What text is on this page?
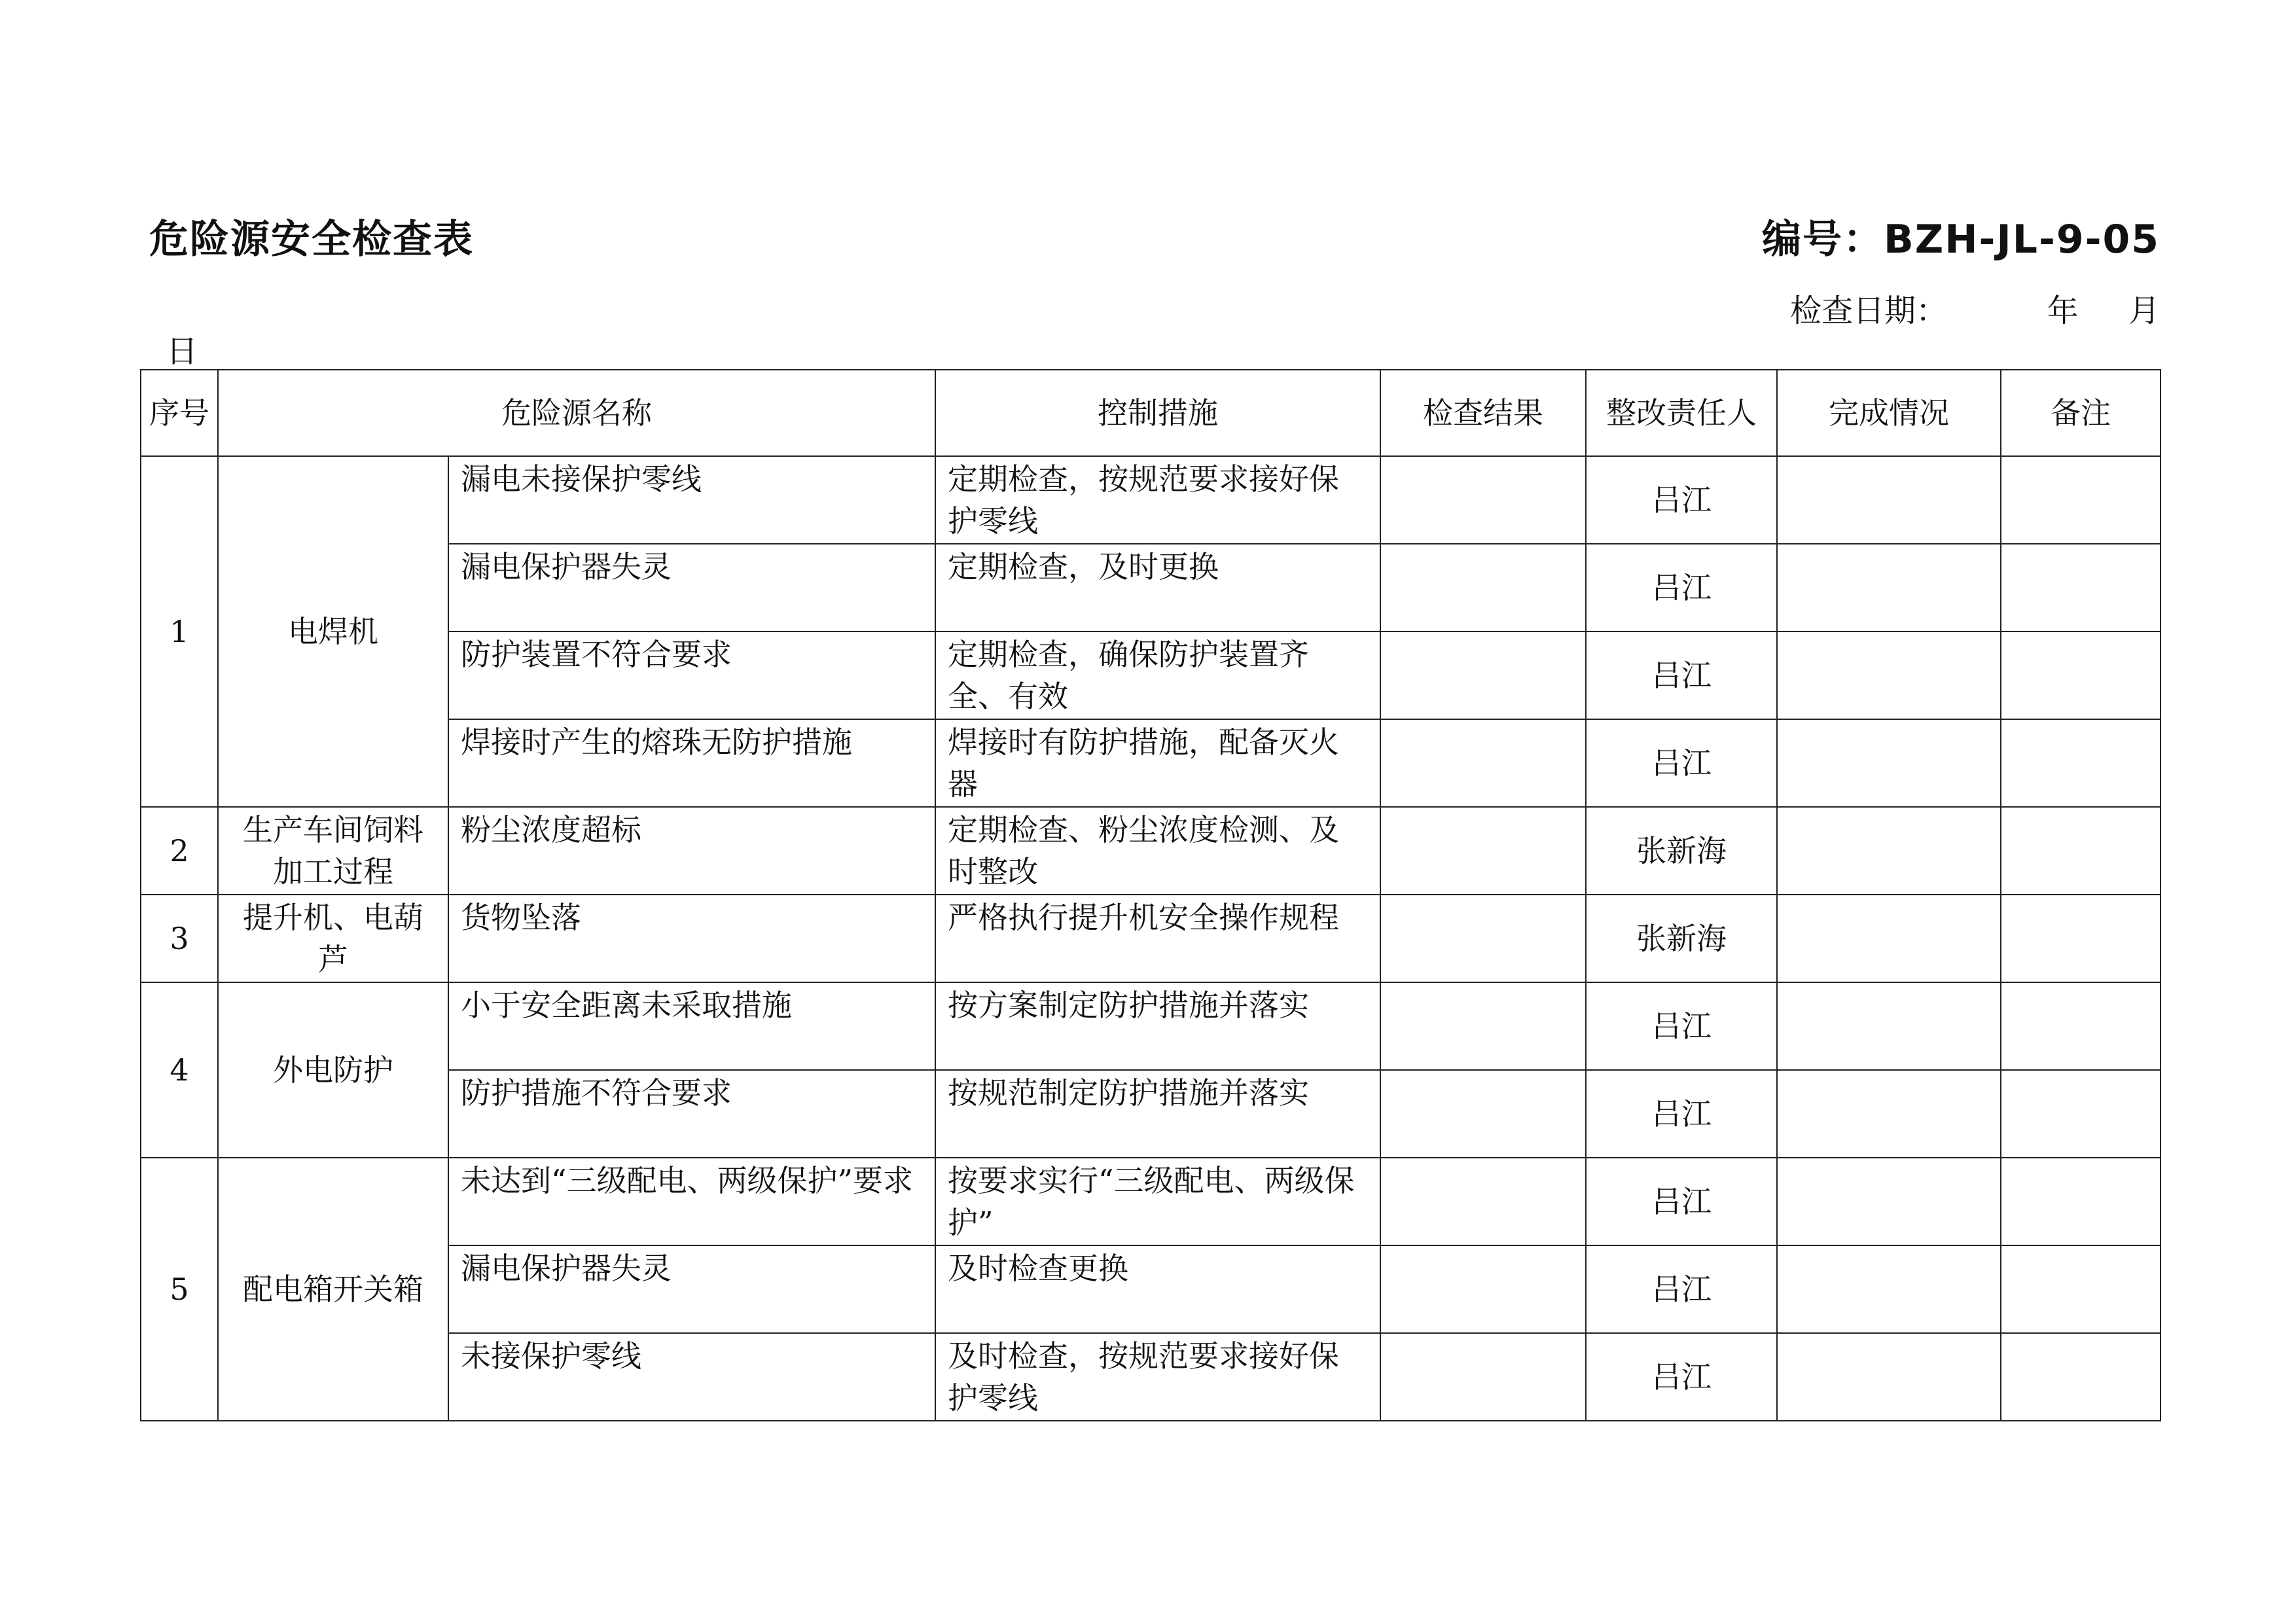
危险源安全检查表	编号：BZH-JL-9-05
检查日期：	年 月
日
序号	危险源名称		控制措施	检查结果	整改责任人	完成情况	备注
1	电焊机	漏电未接保护零线	定期检查，按规范要求接好保护零线		吕江		
		漏电保护器失灵	定期检查，及时更换		吕江		
		防护装置不符合要求	定期检查，确保防护装置齐全、有效		吕江		
		焊接时产生的熔珠无防护措施	焊接时有防护措施，配备灭火器		吕江		
2	生产车间饲料加工过程	粉尘浓度超标	定期检查、粉尘浓度检测、及时整改		张新海		
3	提升机、电葫芦	货物坠落	严格执行提升机安全操作规程		张新海		
4	外电防护	小于安全距离未采取措施	按方案制定防护措施并落实		吕江		
		防护措施不符合要求	按规范制定防护措施并落实		吕江		
5	配电箱开关箱	未达到“三级配电、两级保护”要求	按要求实行“三级配电、两级保护”		吕江		
		漏电保护器失灵	及时检查更换		吕江		
		未接保护零线	及时检查，按规范要求接好保护零线		吕江		
